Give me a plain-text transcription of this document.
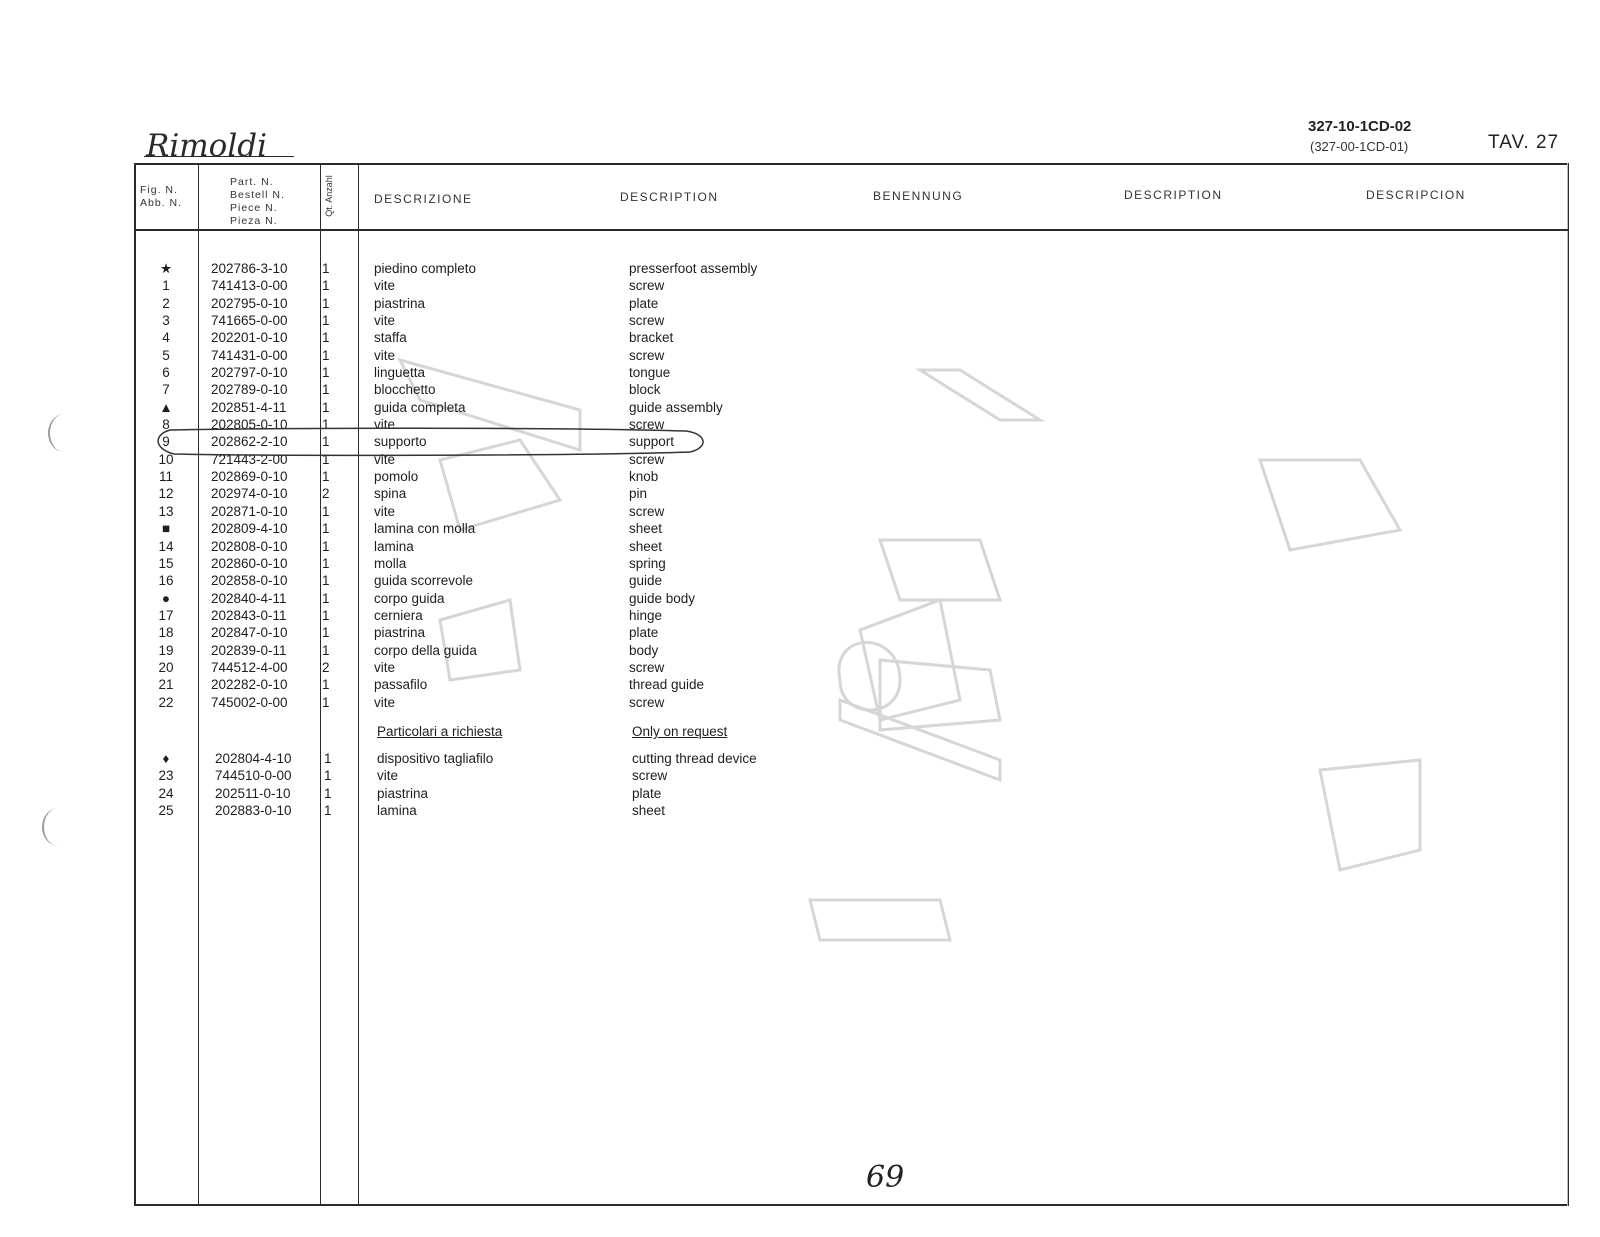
Rimoldi
327-10-1CD-02
(327-00-1CD-01)	TAV. 27
Fig. N.
Abb. N.
Part. N.
Bestell N.
Piece N.
Pieza N.
Qt. Anzahl	DESCRIZIONE	DESCRIPTION	BENENNUNG	DESCRIPTION	DESCRIPCION
★	202786-3-10	1	piedino completo	presserfoot assembly
1	741413-0-00	1	vite	screw
2	202795-0-10	1	piastrina	plate
3	741665-0-00	1	vite	screw
4	202201-0-10	1	staffa	bracket
5	741431-0-00	1	vite	screw
6	202797-0-10	1	linguetta	tongue
7	202789-0-10	1	blocchetto	block
▲	202851-4-11	1	guida completa	guide assembly
8	202805-0-10	1	vite	screw
9	202862-2-10	1	supporto	support
10	721443-2-00	1	vite	screw
11	202869-0-10	1	pomolo	knob
12	202974-0-10	2	spina	pin
13	202871-0-10	1	vite	screw
■	202809-4-10	1	lamina con molla	sheet
14	202808-0-10	1	lamina	sheet
15	202860-0-10	1	molla	spring
16	202858-0-10	1	guida scorrevole	guide
●	202840-4-11	1	corpo guida	guide body
17	202843-0-11	1	cerniera	hinge
18	202847-0-10	1	piastrina	plate
19	202839-0-11	1	corpo della guida	body
20	744512-4-00	2	vite	screw
21	202282-0-10	1	passafilo	thread guide
22	745002-0-00	1	vite	screw
Particolari a richiesta	Only on request
♦	202804-4-10 1	dispositivo tagliafilo	cutting thread device
23	744510-0-00 1	vite	screw
24	202511-0-10 1	piastrina	plate
25	202883-0-10 1	lamina	sheet
69
